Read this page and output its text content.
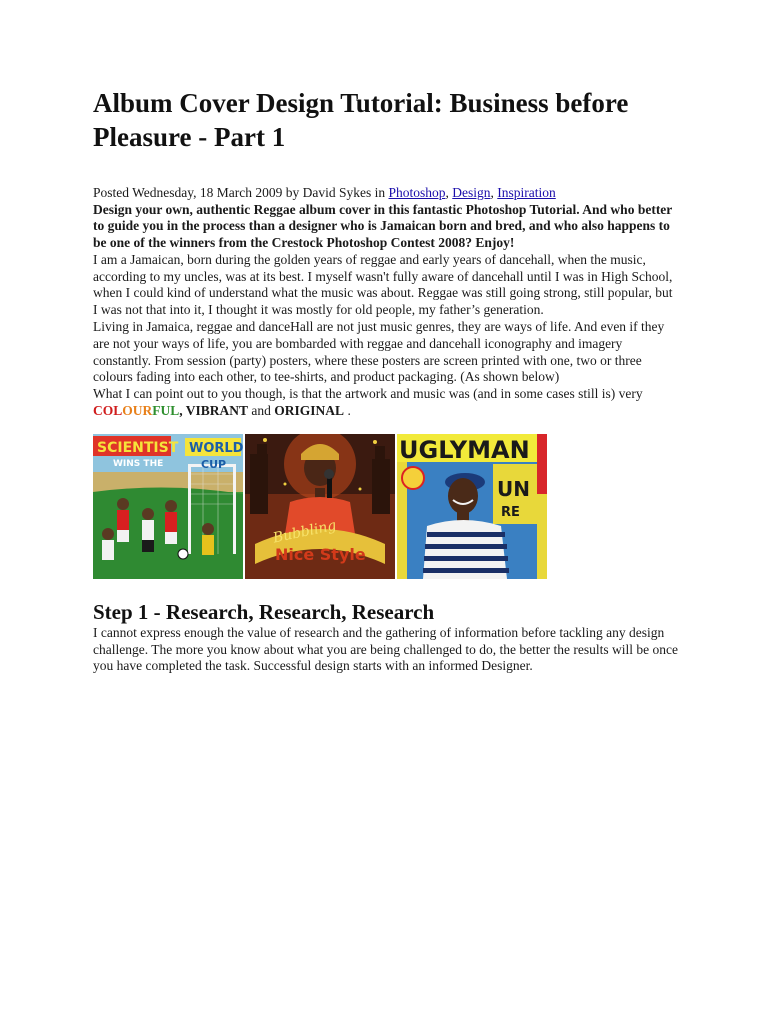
Album Cover Design Tutorial: Business before Pleasure - Part 1
Posted Wednesday, 18 March 2009 by David Sykes in Photoshop, Design, Inspiration
Design your own, authentic Reggae album cover in this fantastic Photoshop Tutorial. And who better to guide you in the process than a designer who is Jamaican born and bred, and who also happens to be one of the winners from the Crestock Photoshop Contest 2008? Enjoy!

I am a Jamaican, born during the golden years of reggae and early years of dancehall, when the music, according to my uncles, was at its best. I myself wasn't fully aware of dancehall until I was in High School, when I could kind of understand what the music was about. Reggae was still going strong, still popular, but I was not that into it, I thought it was mostly for old people, my father’s generation.

Living in Jamaica, reggae and danceHall are not just music genres, they are ways of life. And even if they are not your ways of life, you are bombarded with reggae and dancehall iconography and imagery constantly. From session (party) posters, where these posters are screen printed with one, two or three colours fading into each other, to tee-shirts, and product packaging. (As shown below)

What I can point out to you though, is that the artwork and music was (and in some cases still is) very COLOURFUL, VIBRANT and ORIGINAL .

SCIENTIST
WINS THE
WORLD
CUP
Bubbling
Nice Style
UGLYMAN
UN
RE
Step 1 - Research, Research, Research

I cannot express enough the value of research and the gathering of information before tackling any design challenge. The more you know about what you are being challenged to do, the better the results will be once you have completed the task. Successful design starts with an informed Designer.
